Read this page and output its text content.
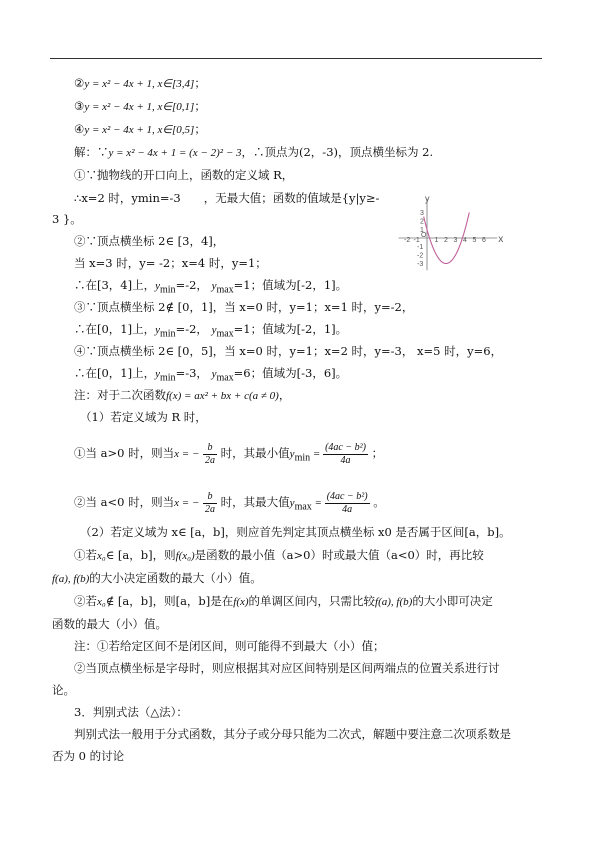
②y = x² − 4x + 1, x∈[3,4]；
③y = x² − 4x + 1, x∈[0,1]；
④y = x² − 4x + 1, x∈[0,5]；
解：∵y = x² − 4x + 1 = (x − 2)² − 3，∴顶点为(2，-3)，顶点横坐标为 2.
①∵抛物线的开口向上，函数的定义域 R，
∴x=2 时，ymin=-3　　，无最大值；函数的值域是{y|y≥-
3 }。
②∵顶点横坐标 2∈ [3，4]，
当 x=3 时，y= -2；x=4 时，y=1；
∴在[3，4]上，$y_{min}=-2$， $y_{max}=1$；值域为[-2，1]。
③∵顶点横坐标 2∉ [0，1]，当 x=0 时，y=1；x=1 时，y=-2，
∴在[0，1]上，$y_{min}=-2$， $y_{max}=1$；值域为[-2，1]。
④∵顶点横坐标 2∈ [0，5]，当 x=0 时，y=1；x=2 时，y=-3， x=5 时，y=6，
∴在[0，1]上，$y_{min}=-3$， $y_{max}=6$；值域为[-3，6]。
注：对于二次函数f(x) = ax² + bx + c(a ≠ 0)，
（1）若定义域为 R 时，
①当 a>0 时，则当x = − $\frac{b}{2a}$ 时，其最小值$y_{min} = \frac{\text{(4ac − b²)}}{4a}$ ；
②当 a<0 时，则当x = − $\frac{b}{2a}$ 时，其最大值$y_{max} = \frac{\text{(4ac − b²)}}{4a}$ 。
（2）若定义域为 x∈ [a，b]，则应首先判定其顶点横坐标 x0 是否属于区间[a，b]。
①若x₀∈ [a，b]，则f(x₀)是函数的最小值（a>0）时或最大值（a<0）时，再比较
f(a), f(b)的大小决定函数的最大（小）值。
②若x₀∉ [a，b]，则[a，b]是在f(x)的单调区间内，只需比较f(a), f(b)的大小即可决定
函数的最大（小）值。
注：①若给定区间不是闭区间，则可能得不到最大（小）值；
②当顶点横坐标是字母时，则应根据其对应区间特别是区间两端点的位置关系进行讨
论。
3．判别式法（△法）：
判别式法一般用于分式函数，其分子或分母只能为二次式，解题中要注意二次项系数是
否为 0 的讨论
x
y
O
-2 -1 1 2 3 4 5 6
3
2
1
-1
-2
-3
